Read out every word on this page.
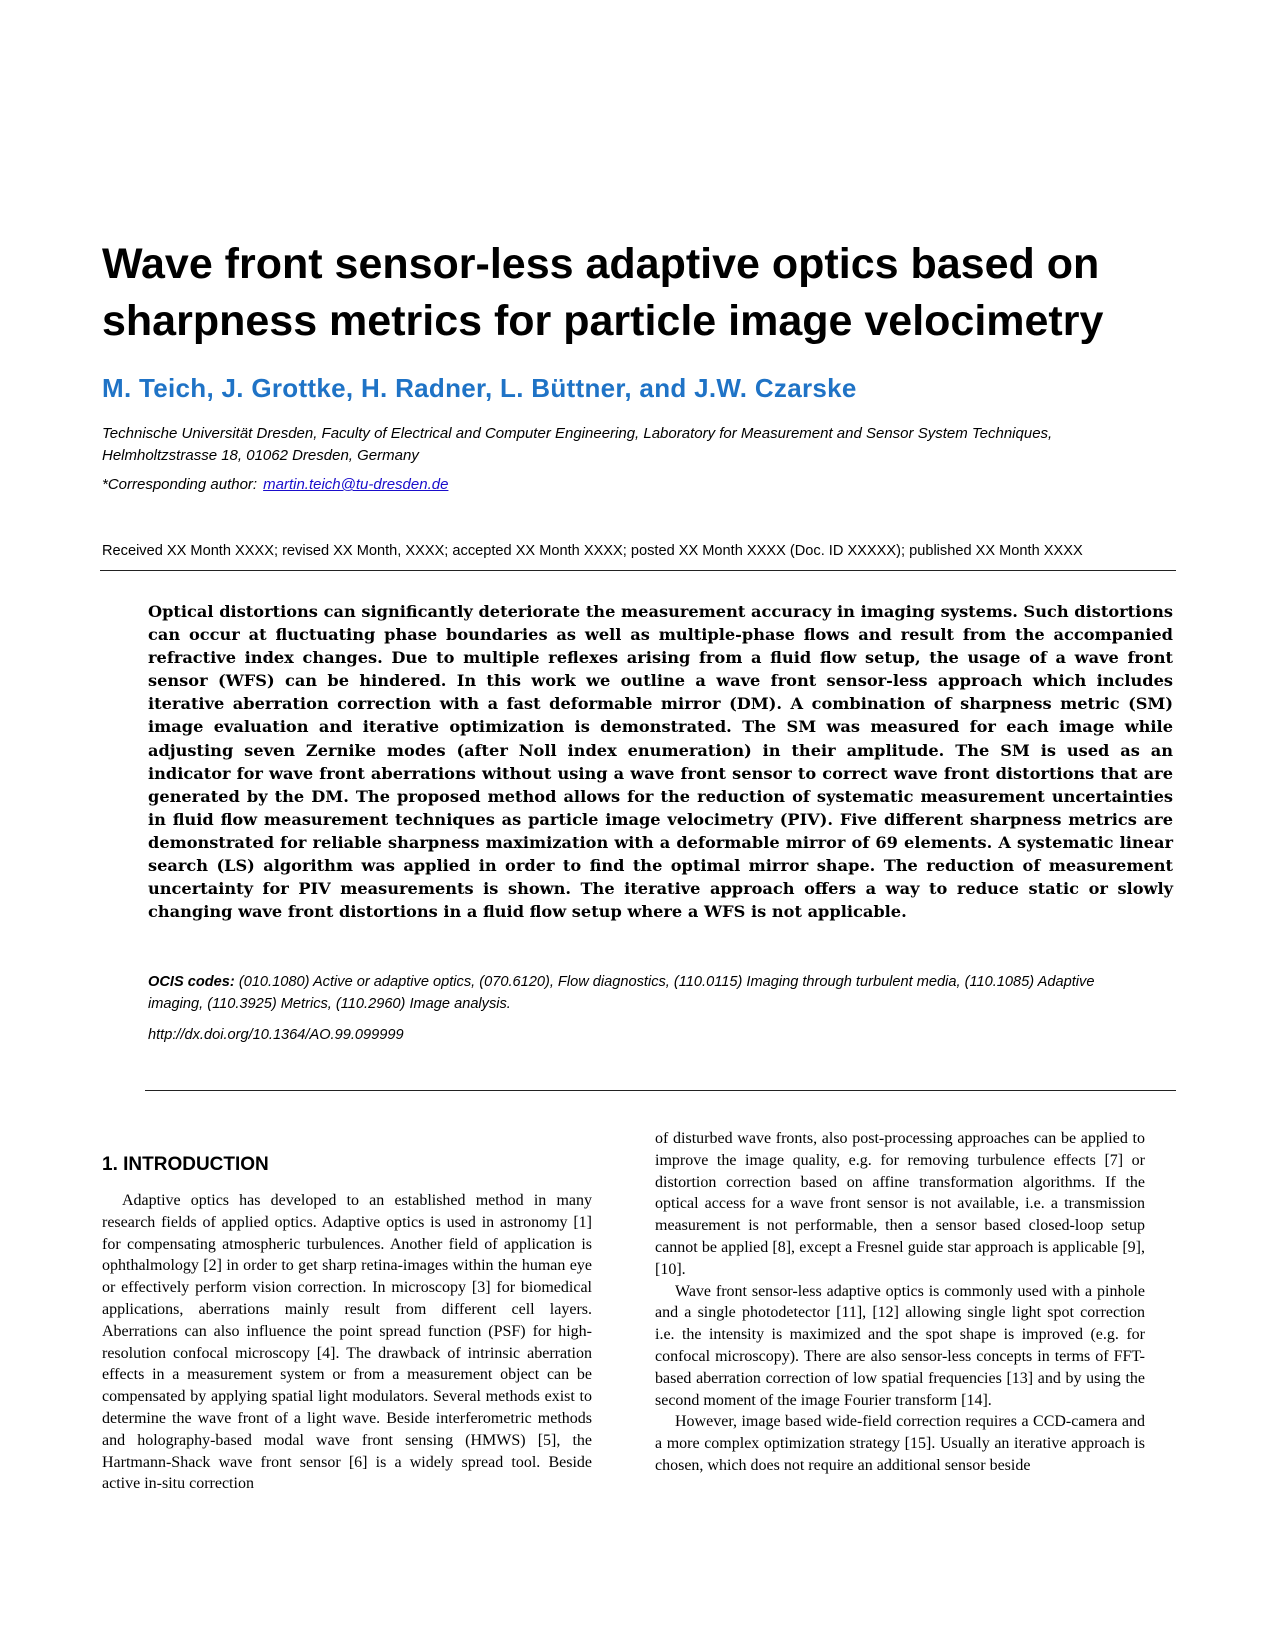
Wave front sensor-less adaptive optics based on
sharpness metrics for particle image velocimetry
M. Teich, J. Grottke, H. Radner, L. Büttner, and J.W. Czarske
Technische Universität Dresden, Faculty of Electrical and Computer Engineering, Laboratory for Measurement and Sensor System Techniques,
Helmholtzstrasse 18, 01062 Dresden, Germany
*Corresponding author: martin.teich@tu-dresden.de
Received XX Month XXXX; revised XX Month, XXXX; accepted XX Month XXXX; posted XX Month XXXX (Doc. ID XXXXX); published XX Month XXXX

Optical distortions can significantly deteriorate the measurement accuracy in imaging systems. Such distortions can occur at fluctuating phase boundaries as well as multiple-phase flows and result from the accompanied refractive index changes. Due to multiple reflexes arising from a fluid flow setup, the usage of a wave front sensor (WFS) can be hindered. In this work we outline a wave front sensor-less approach which includes iterative aberration correction with a fast deformable mirror (DM). A combination of sharpness metric (SM) image evaluation and iterative optimization is demonstrated. The SM was measured for each image while adjusting seven Zernike modes (after Noll index enumeration) in their amplitude. The SM is used as an indicator for wave front aberrations without using a wave front sensor to correct wave front distortions that are generated by the DM. The proposed method allows for the reduction of systematic measurement uncertainties in fluid flow measurement techniques as particle image velocimetry (PIV). Five different sharpness metrics are demonstrated for reliable sharpness maximization with a deformable mirror of 69 elements. A systematic linear search (LS) algorithm was applied in order to find the optimal mirror shape. The reduction of measurement uncertainty for PIV measurements is shown. The iterative approach offers a way to reduce static or slowly changing wave front distortions in a fluid flow setup where a WFS is not applicable.

OCIS codes: (010.1080) Active or adaptive optics, (070.6120), Flow diagnostics, (110.0115) Imaging through turbulent media, (110.1085) Adaptive
imaging, (110.3925) Metrics, (110.2960) Image analysis.
http://dx.doi.org/10.1364/AO.99.099999
1. INTRODUCTION

Adaptive optics has developed to an established method in many research fields of applied optics. Adaptive optics is used in astronomy [1] for compensating atmospheric turbulences. Another field of application is ophthalmology [2] in order to get sharp retina-images within the human eye or effectively perform vision correction. In microscopy [3] for biomedical applications, aberrations mainly result from different cell layers. Aberrations can also influence the point spread function (PSF) for high-resolution confocal microscopy [4]. The drawback of intrinsic aberration effects in a measurement system or from a measurement object can be compensated by applying spatial light modulators. Several methods exist to determine the wave front of a light wave. Beside interferometric methods and holography-based modal wave front sensing (HMWS) [5], the Hartmann-Shack wave front sensor [6] is a widely spread tool. Beside active in-situ correction

of disturbed wave fronts, also post-processing approaches can be applied to improve the image quality, e.g. for removing turbulence effects [7] or distortion correction based on affine transformation algorithms. If the optical access for a wave front sensor is not available, i.e. a transmission measurement is not performable, then a sensor based closed-loop setup cannot be applied [8], except a Fresnel guide star approach is applicable [9], [10].

Wave front sensor-less adaptive optics is commonly used with a pinhole and a single photodetector [11], [12] allowing single light spot correction i.e. the intensity is maximized and the spot shape is improved (e.g. for confocal microscopy). There are also sensor-less concepts in terms of FFT-based aberration correction of low spatial frequencies [13] and by using the second moment of the image Fourier transform [14].

However, image based wide-field correction requires a CCD-camera and a more complex optimization strategy [15]. Usually an iterative approach is chosen, which does not require an additional sensor beside
